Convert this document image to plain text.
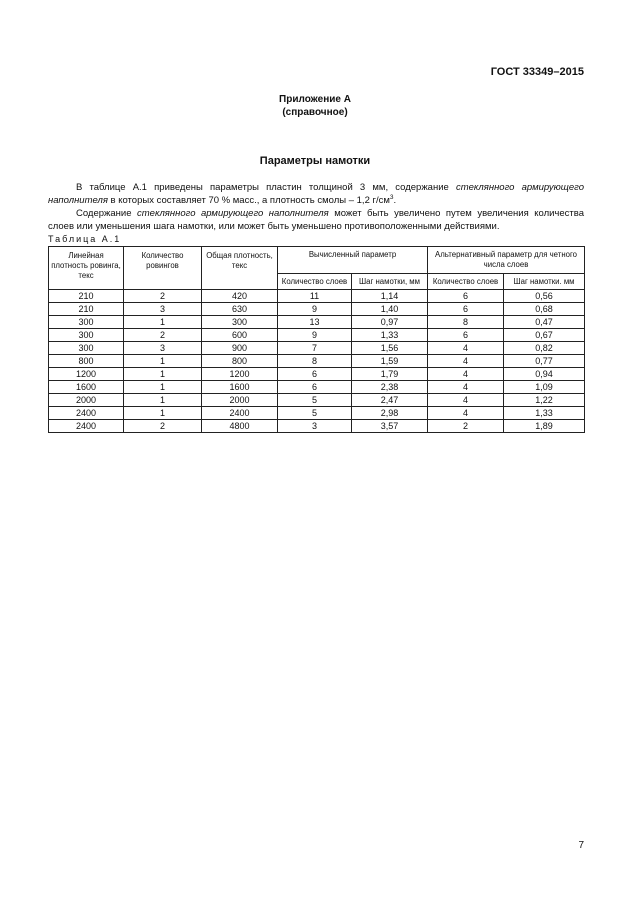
ГОСТ 33349–2015
Приложение А
(справочное)
Параметры намотки
В таблице А.1 приведены параметры пластин толщиной 3 мм, содержание стеклянного армирующего наполнителя в которых составляет 70 % масс., а плотность смолы – 1,2 $г/см^3$.
Содержание стеклянного армирующего наполнителя может быть увеличено путем увеличения количества слоев или уменьшения шага намотки, или может быть уменьшено противоположенными действиями.
Таблица А.1
Линейная плотность ровинга, текс	Количество ровингов	Общая плотность, текс	Вычисленный параметр		Альтернативный параметр для четного числа слоев	
			Количество слоев	Шаг намотки, мм	Количество слоев	Шаг намотки. мм
210	2	420	11	1,14	6	0,56
210	3	630	9	1,40	6	0,68
300	1	300	13	0,97	8	0,47
300	2	600	9	1,33	6	0,67
300	3	900	7	1,56	4	0,82
800	1	800	8	1,59	4	0,77
1200	1	1200	6	1,79	4	0,94
1600	1	1600	6	2,38	4	1,09
2000	1	2000	5	2,47	4	1,22
2400	1	2400	5	2,98	4	1,33
2400	2	4800	3	3,57	2	1,89
7
